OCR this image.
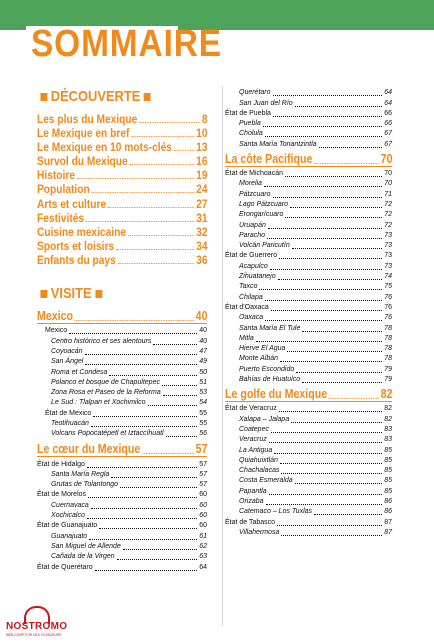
SOMMAIRE
DÉCOUVERTE
Les plus du Mexique	8
Le Mexique en bref	10
Le Mexique en 10 mots-clés 13
Survol du Mexique	16
Histoire	19
Population	24
Arts et culture	27
Festivités	31
Cuisine mexicaine	32
Sports et loisirs	34
Enfants du pays	36
VISITE
Mexico	40
Mexico	40
Centro histórico et ses alentours	40
Coyoacán	47
San Ángel	49
Roma et Condesa	50
Polanco et bosque de Chapultepec	51
Zona Rosa et Paseo de la Reforma	53
Le Sud : Tlalpan et Xochimilco	54
État de Mexico	55
Teotihuacán	55
Volcans Popocatépetl et Iztaccíhuatl	56
Le cœur du Mexique	57
État de Hidalgo	57
Santa María Regla	57
Grutas de Tolantongo	57
État de Morelos	60
Cuernavaca	60
Xochicalco	60
État de Guanajuato	60
Guanajuato	61
San Miguel de Allende	62
Cañada de la Virgen	63
État de Querétaro	64
Querétaro	64
San Juan del Río	64
État de Puebla	66
Puebla	66
Cholula	67
Santa María Tonantzintla	67
La côte Pacifique	70
État de Michoacán	70
Morelia	70
Pátzcuaro	71
Lago Pátzcuaro	72
Erongarícuaro	72
Uruapán	72
Paracho	73
Volcán Paricutín	73
État de Guerrero	73
Acapulco	73
Zihuatanejo	74
Taxco	75
Chilapa	76
État d'Oaxaca	76
Oaxaca	76
Santa María El Tule	78
Mitla	78
Hierve El Agua	78
Monte Albán	78
Puerto Escondido	79
Bahías de Huatulco	79
Le golfe du Mexique	82
État de Veracruz	82
Xalapa – Jalapa	82
Coatepec	83
Veracruz	83
La Antigua	85
Quiahuixtlán	85
Chachalacas	85
Costa Esmeralda	85
Papantla	85
Orizaba	86
Catemaco – Los Tuxlas	86
État de Tabasco	87
Villahermosa	87
NOSTROMO
WEB COMPTOIR DES VOYAGEURS
